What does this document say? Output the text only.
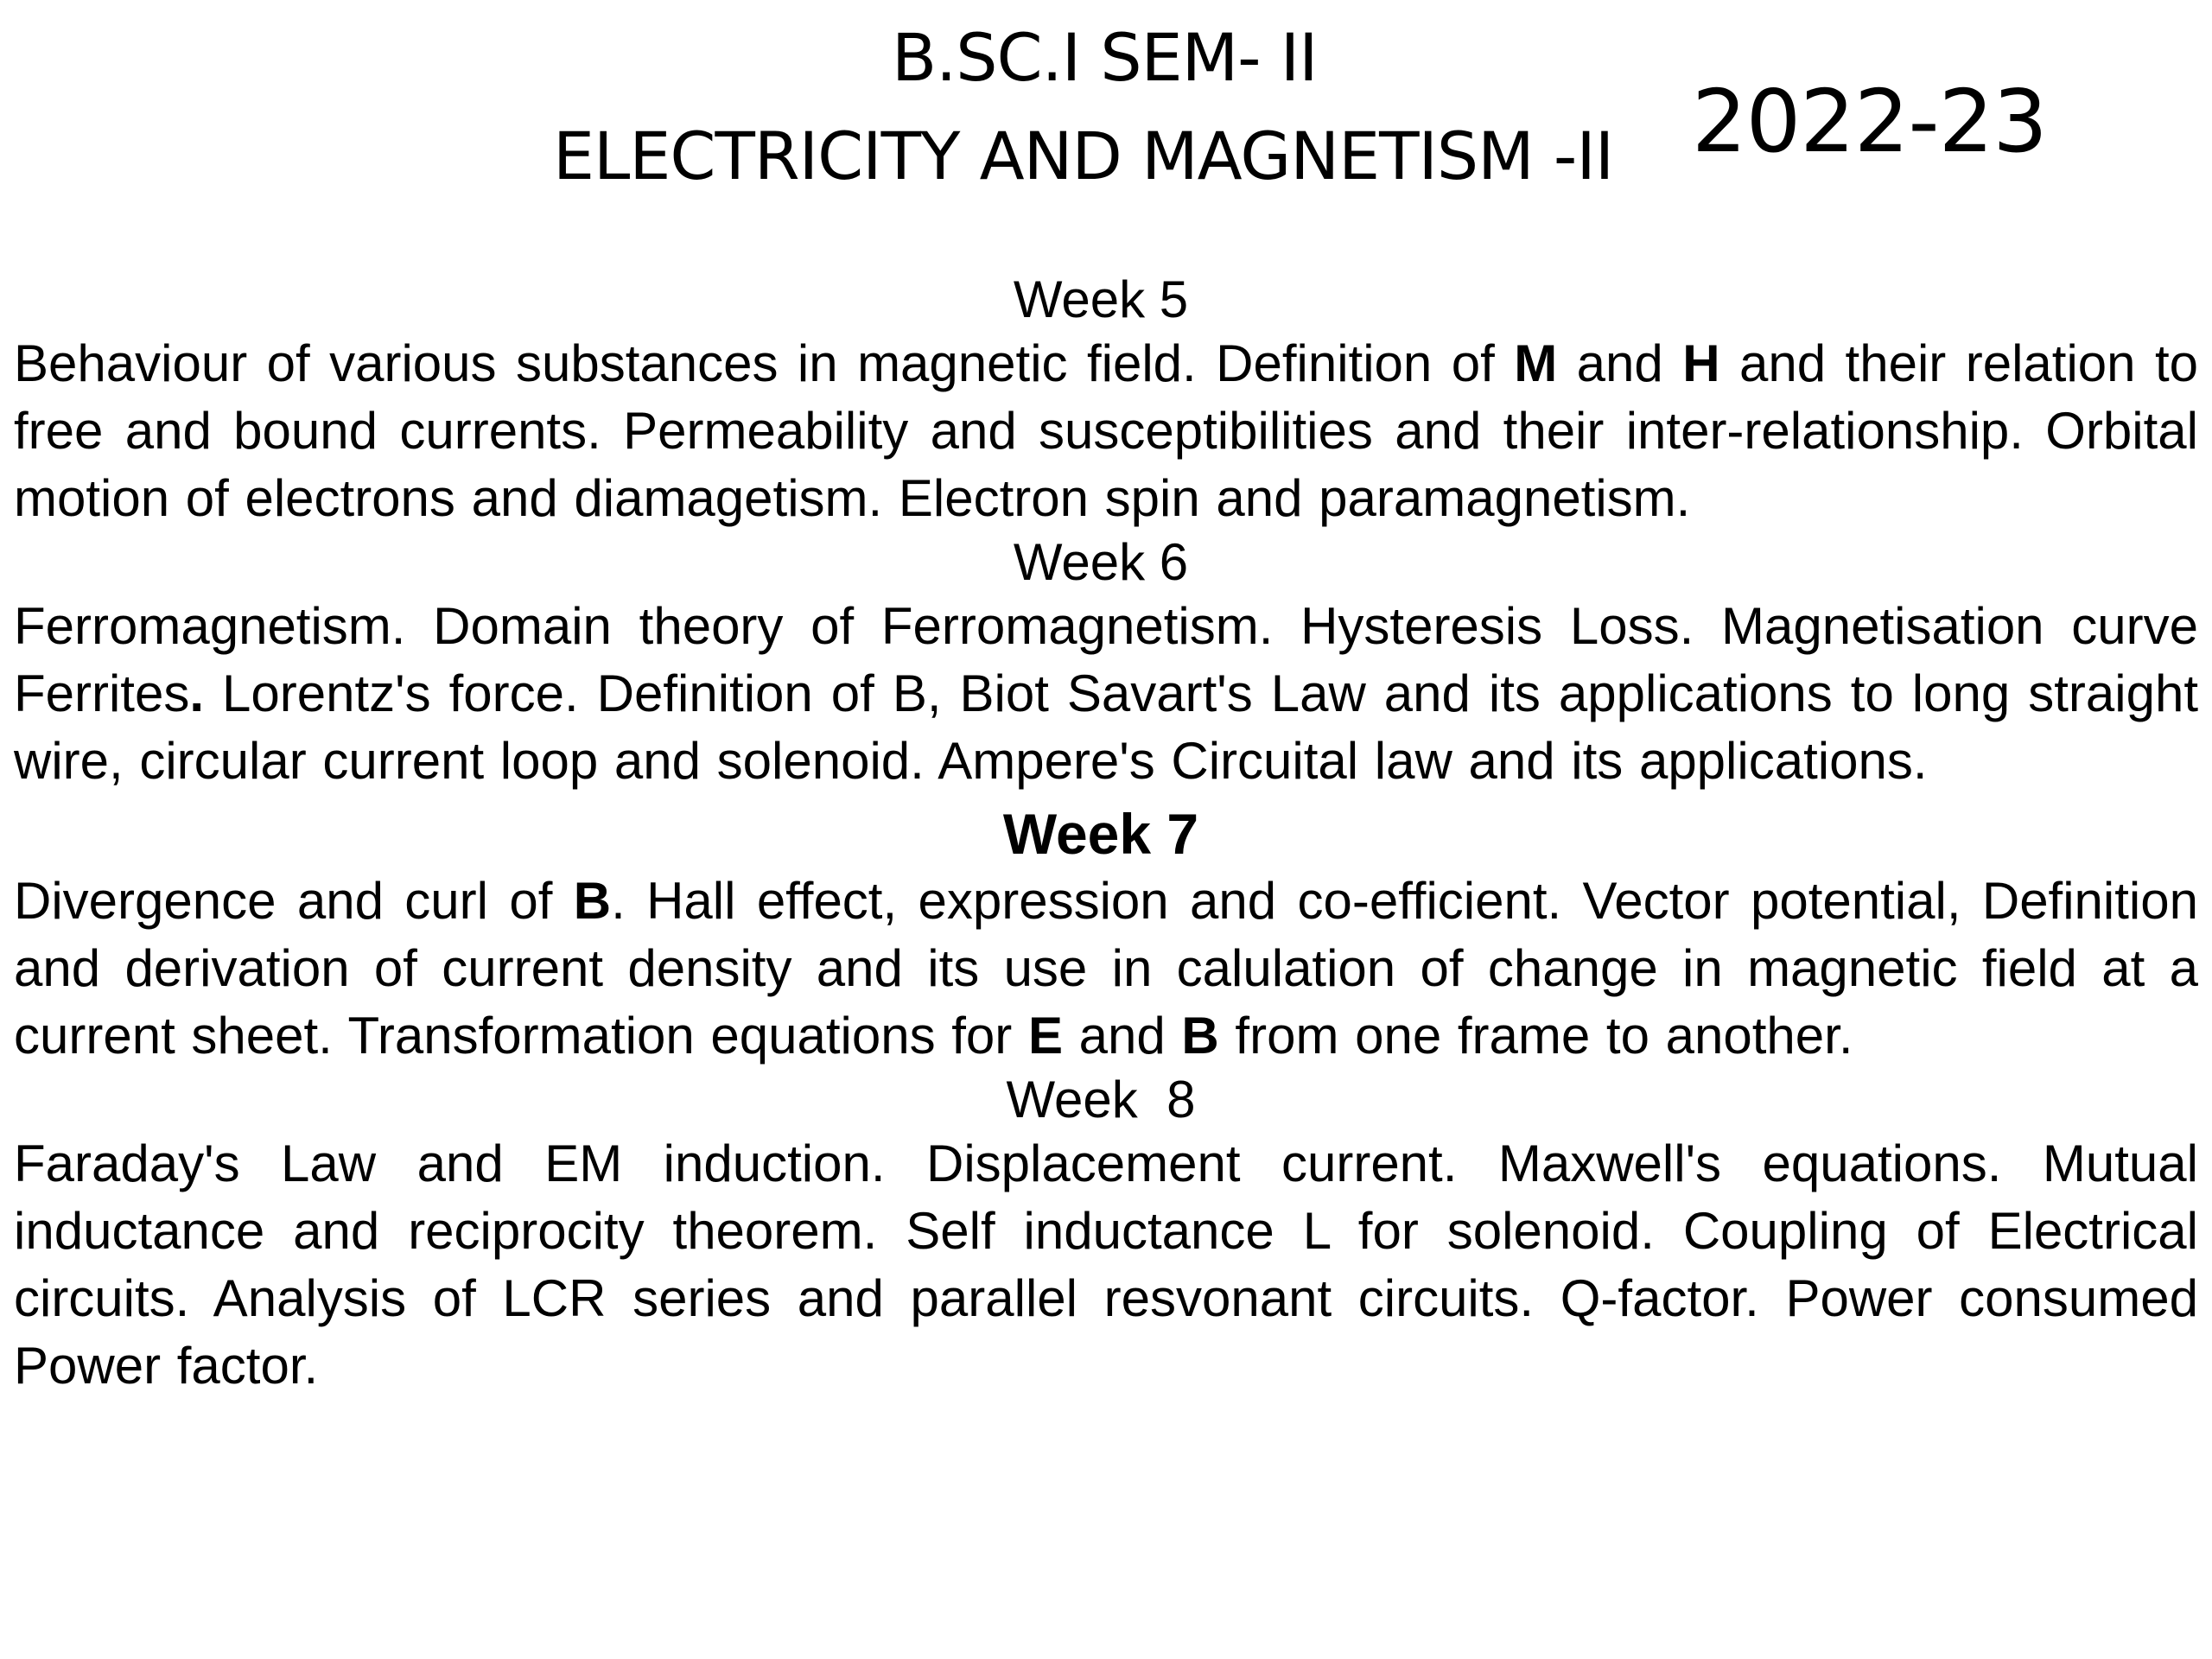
B.SC.I SEM- II
ELECTRICITY AND MAGNETISM -II 2022-23
Week 5

Behaviour of various substances in magnetic field. Definition of M and H and their relation to free and bound currents. Permeability and susceptibilities and their inter-relationship. Orbital motion of electrons and diamagetism. Electron spin and paramagnetism.

Week 6

Ferromagnetism. Domain theory of Ferromagnetism. Hysteresis Loss. Magnetisation curve Ferrites. Lorentz's force. Definition of B, Biot Savart's Law and its applications to long straight wire, circular current loop and solenoid. Ampere's Circuital law and its applications.

Week 7

Divergence and curl of B. Hall effect, expression and co-efficient. Vector potential, Definition and derivation of current density and its use in calulation of change in magnetic field at a current sheet. Transformation equations for E and B from one frame to another.

Week  8

Faraday's Law and EM induction. Displacement current. Maxwell's equations. Mutual inductance and reciprocity theorem. Self inductance L for solenoid. Coupling of Electrical circuits. Analysis of LCR series and parallel resvonant circuits. Q-factor. Power consumed Power factor.
